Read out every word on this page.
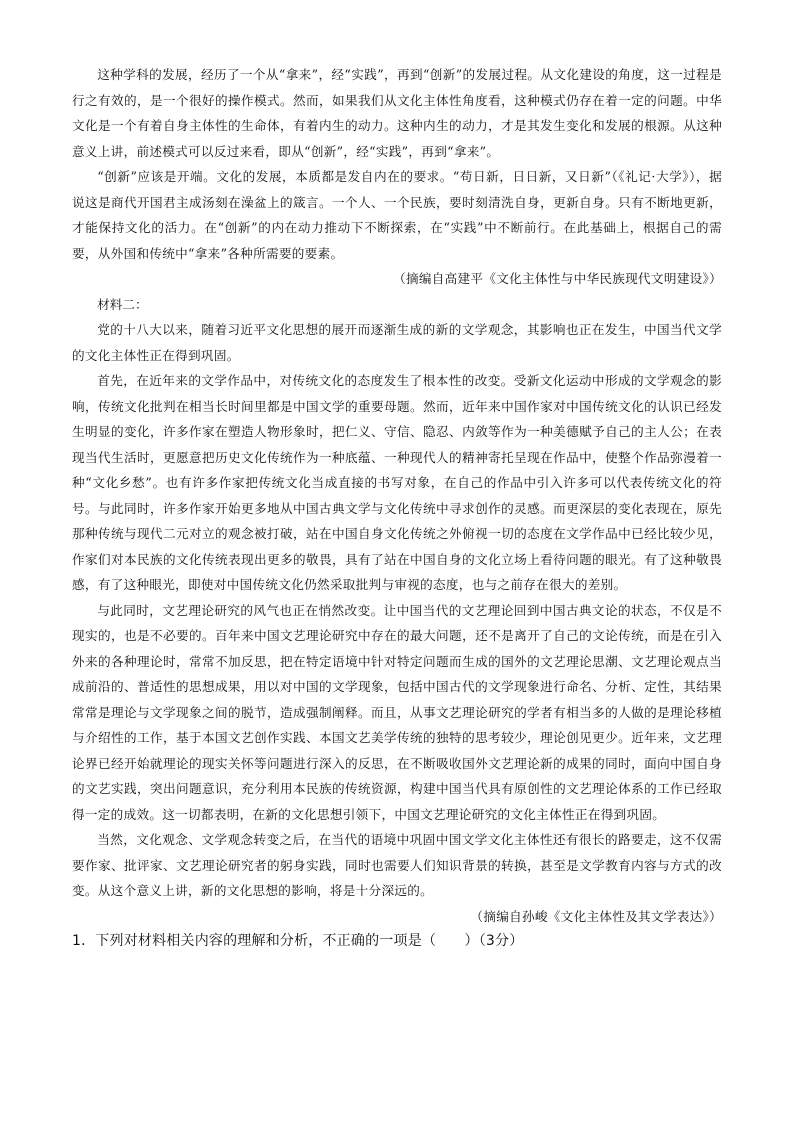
这种学科的发展，经历了一个从“拿来”，经“实践”，再到“创新”的发展过程。从文化建设的角度，这一过程是行之有效的，是一个很好的操作模式。然而，如果我们从文化主体性角度看，这种模式仍存在着一定的问题。中华文化是一个有着自身主体性的生命体，有着内生的动力。这种内生的动力，才是其发生变化和发展的根源。从这种意义上讲，前述模式可以反过来看，即从“创新”，经“实践”，再到“拿来”。

“创新”应该是开端。文化的发展，本质都是发自内在的要求。“苟日新，日日新，又日新”（《礼记·大学》），据说这是商代开国君主成汤刻在澡盆上的箴言。一个人、一个民族，要时刻清洗自身，更新自身。只有不断地更新，才能保持文化的活力。在“创新”的内在动力推动下不断探索，在“实践”中不断前行。在此基础上，根据自己的需要，从外国和传统中“拿来”各种所需要的要素。

（摘编自高建平《文化主体性与中华民族现代文明建设》）

材料二：

党的十八大以来，随着习近平文化思想的展开而逐渐生成的新的文学观念，其影响也正在发生，中国当代文学的文化主体性正在得到巩固。

首先，在近年来的文学作品中，对传统文化的态度发生了根本性的改变。受新文化运动中形成的文学观念的影响，传统文化批判在相当长时间里都是中国文学的重要母题。然而，近年来中国作家对中国传统文化的认识已经发生明显的变化，许多作家在塑造人物形象时，把仁义、守信、隐忍、内敛等作为一种美德赋予自己的主人公；在表现当代生活时，更愿意把历史文化传统作为一种底蕴、一种现代人的精神寄托呈现在作品中，使整个作品弥漫着一种“文化乡愁”。也有许多作家把传统文化当成直接的书写对象，在自己的作品中引入许多可以代表传统文化的符号。与此同时，许多作家开始更多地从中国古典文学与文化传统中寻求创作的灵感。而更深层的变化表现在，原先那种传统与现代二元对立的观念被打破，站在中国自身文化传统之外俯视一切的态度在文学作品中已经比较少见，作家们对本民族的文化传统表现出更多的敬畏，具有了站在中国自身的文化立场上看待问题的眼光。有了这种敬畏感，有了这种眼光，即使对中国传统文化仍然采取批判与审视的态度，也与之前存在很大的差别。

与此同时，文艺理论研究的风气也正在悄然改变。让中国当代的文艺理论回到中国古典文论的状态，不仅是不现实的，也是不必要的。百年来中国文艺理论研究中存在的最大问题，还不是离开了自己的文论传统，而是在引入外来的各种理论时，常常不加反思，把在特定语境中针对特定问题而生成的国外的文艺理论思潮、文艺理论观点当成前沿的、普适性的思想成果，用以对中国的文学现象，包括中国古代的文学现象进行命名、分析、定性，其结果常常是理论与文学现象之间的脱节，造成强制阐释。而且，从事文艺理论研究的学者有相当多的人做的是理论移植与介绍性的工作，基于本国文艺创作实践、本国文艺美学传统的独特的思考较少，理论创见更少。近年来，文艺理论界已经开始就理论的现实关怀等问题进行深入的反思，在不断吸收国外文艺理论新的成果的同时，面向中国自身的文艺实践，突出问题意识，充分利用本民族的传统资源，构建中国当代具有原创性的文艺理论体系的工作已经取得一定的成效。这一切都表明，在新的文化思想引领下，中国文艺理论研究的文化主体性正在得到巩固。

当然，文化观念、文学观念转变之后，在当代的语境中巩固中国文学文化主体性还有很长的路要走，这不仅需要作家、批评家、文艺理论研究者的躬身实践，同时也需要人们知识背景的转换，甚至是文学教育内容与方式的改变。从这个意义上讲，新的文化思想的影响，将是十分深远的。

（摘编自孙峻《文化主体性及其文学表达》）

1．下列对材料相关内容的理解和分析，不正确的一项是（　　）（3分）
